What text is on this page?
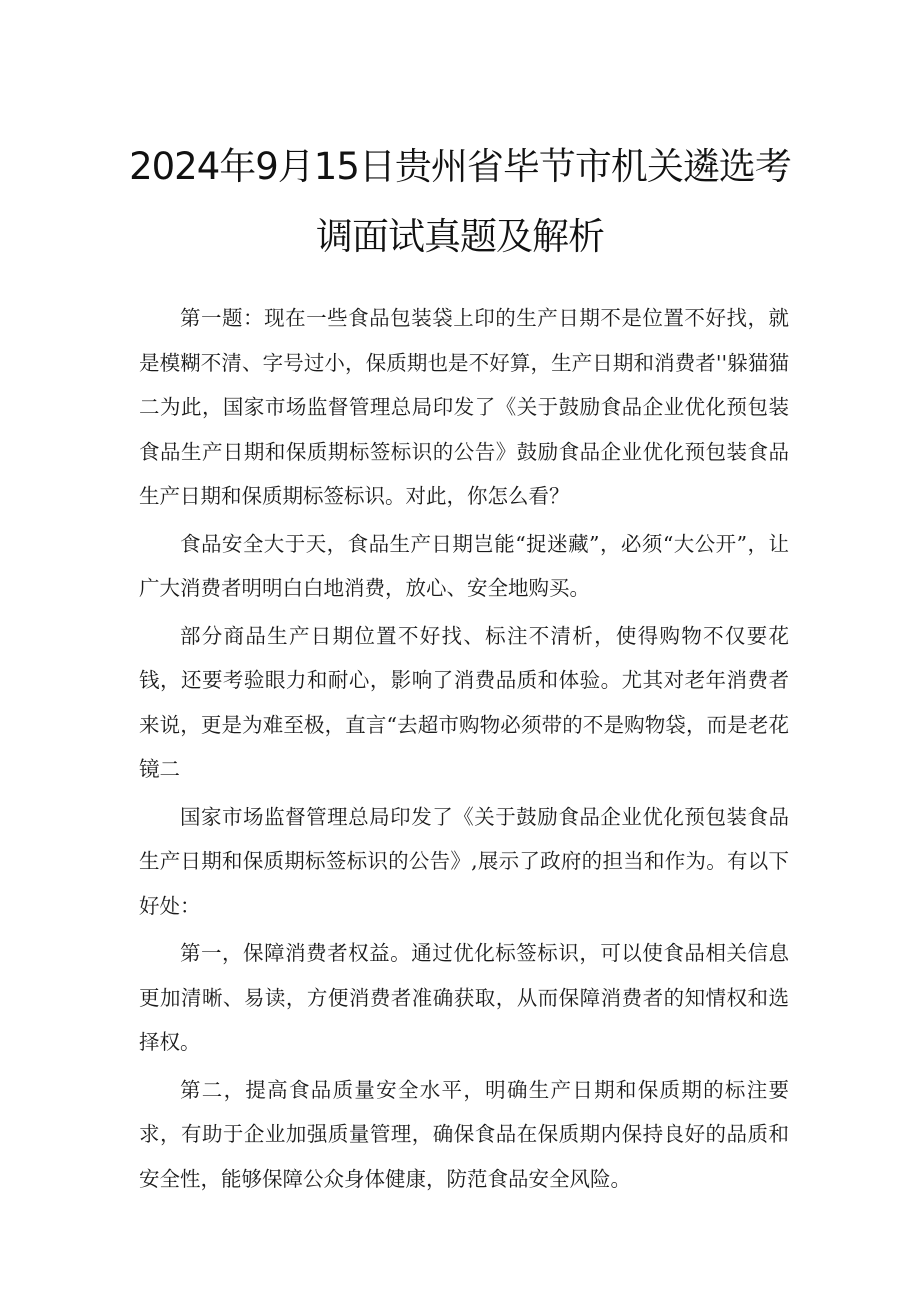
2024年9月15日贵州省毕节市机关遴选考
调面试真题及解析

第一题：现在一些食品包装袋上印的生产日期不是位置不好找，就是模糊不清、字号过小，保质期也是不好算，生产日期和消费者''躲猫猫二为此，国家市场监督管理总局印发了《关于鼓励食品企业优化预包装食品生产日期和保质期标签标识的公告》鼓励食品企业优化预包装食品生产日期和保质期标签标识。对此，你怎么看？

食品安全大于天，食品生产日期岂能“捉迷藏”，必须“大公开”，让广大消费者明明白白地消费，放心、安全地购买。

部分商品生产日期位置不好找、标注不清析，使得购物不仅要花钱，还要考验眼力和耐心，影响了消费品质和体验。尤其对老年消费者来说，更是为难至极，直言“去超市购物必须带的不是购物袋，而是老花镜二

国家市场监督管理总局印发了《关于鼓励食品企业优化预包装食品生产日期和保质期标签标识的公告》,展示了政府的担当和作为。有以下好处：

第一，保障消费者权益。通过优化标签标识，可以使食品相关信息更加清晰、易读，方便消费者准确获取，从而保障消费者的知情权和选择权。

第二，提高食品质量安全水平，明确生产日期和保质期的标注要求，有助于企业加强质量管理，确保食品在保质期内保持良好的品质和安全性，能够保障公众身体健康，防范食品安全风险。
